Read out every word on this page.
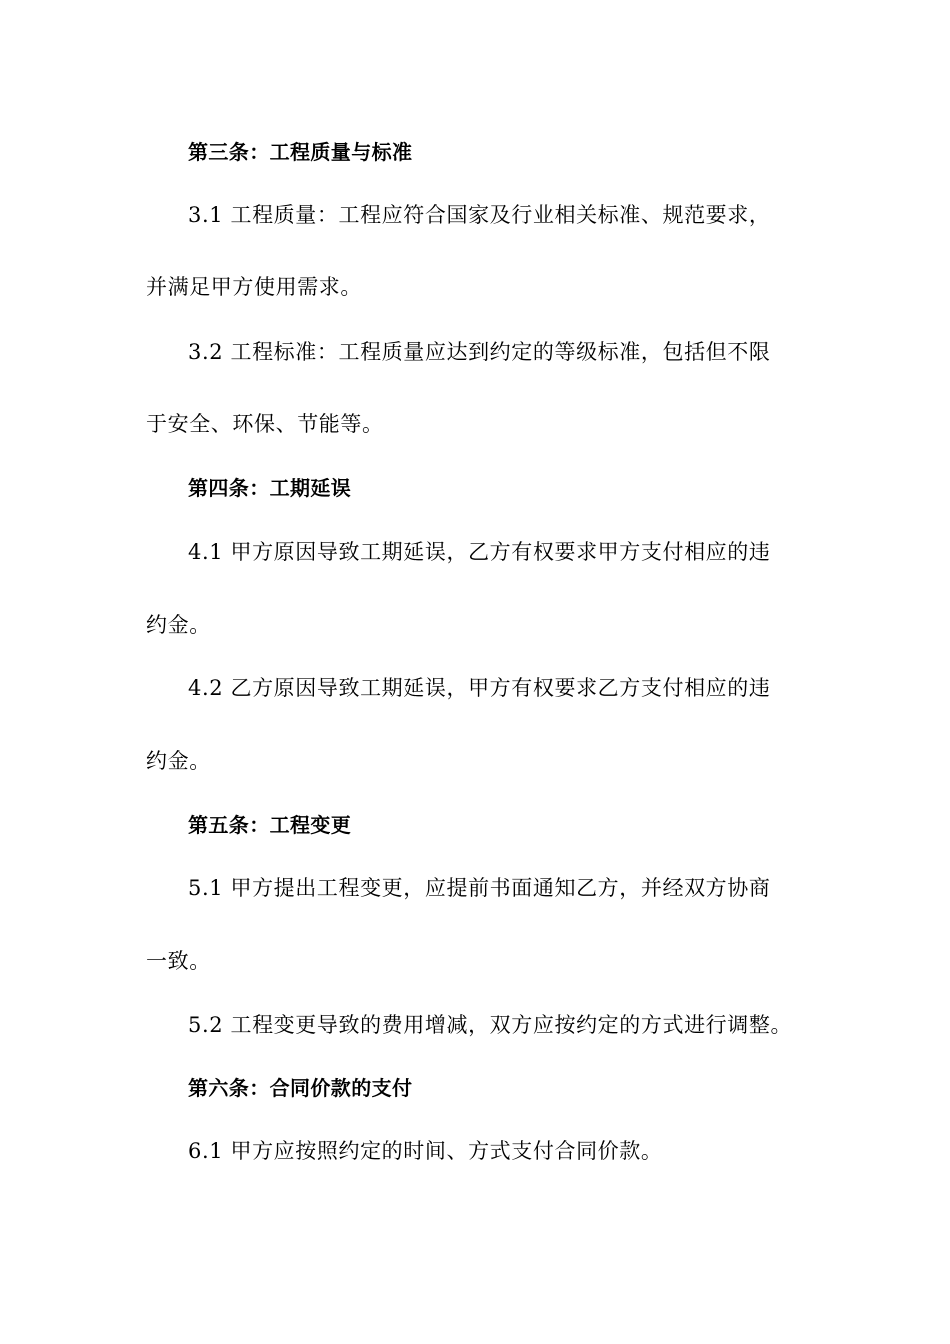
第三条：工程质量与标准
3.1 工程质量：工程应符合国家及行业相关标准、规范要求，
并满足甲方使用需求。
3.2 工程标准：工程质量应达到约定的等级标准，包括但不限
于安全、环保、节能等。
第四条：工期延误
4.1 甲方原因导致工期延误，乙方有权要求甲方支付相应的违
约金。
4.2 乙方原因导致工期延误，甲方有权要求乙方支付相应的违
约金。
第五条：工程变更
5.1 甲方提出工程变更，应提前书面通知乙方，并经双方协商
一致。
5.2 工程变更导致的费用增减，双方应按约定的方式进行调整。
第六条：合同价款的支付
6.1 甲方应按照约定的时间、方式支付合同价款。
